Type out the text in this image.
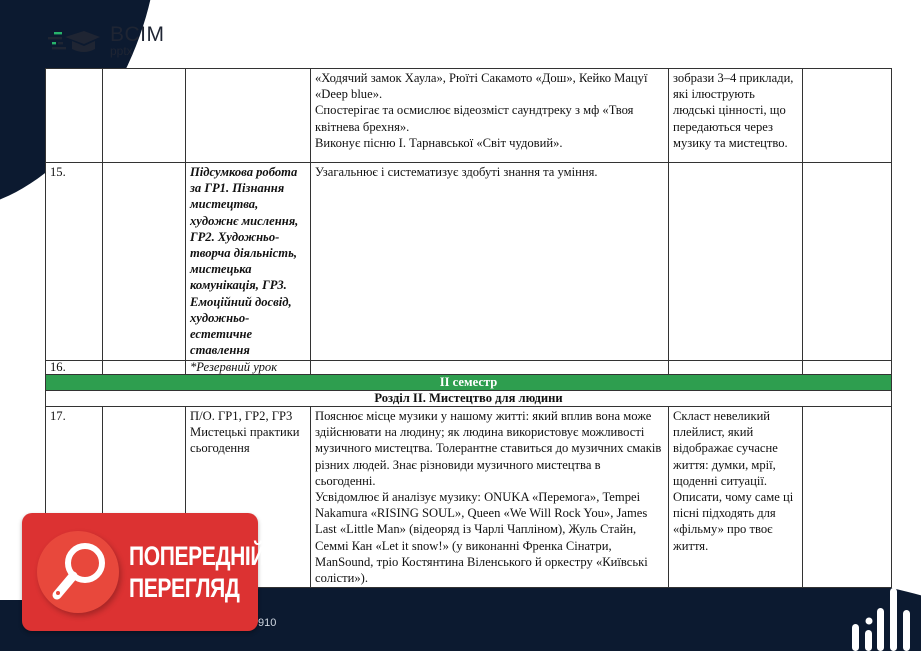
BCIM
pptx

			«Ходячий замок Хаула», Рюїті Сакамото «Дош», Кейко Мацуї «Deep blue».
Спостерігає та осмислює відеозміст саундтреку з мф «Твоя квітнева брехня».
Виконує пісню І. Тарнавської «Світ чудовий».	зобрази 3–4 приклади, які ілюструють людські цінності, що передаються через музику та мистецтво.	
15.		Підсумкова робота за ГР1. Пізнання мистецтва, художнє мислення, ГР2. Художньо-творча діяльність, мистецька комунікація, ГР3. Емоційний досвід, художньо-естетичне ставлення	Узагальнює і систематизує здобуті знання та уміння.		
16.		*Резервний урок			
II семестр					
Розділ ІІ. Мистецтво для людини					
17.		П/О. ГР1, ГР2, ГР3 Мистецькі практики сьогодення	Пояснює місце музики у нашому житті: який вплив вона може здійснювати на людину; як людина використовує можливості музичного мистецтва. Толерантне ставиться до музичних смаків різних людей. Знає різновиди музичного мистецтва в сьогоденні.
Усвідомлює й аналізує музику: ONUKA «Перемога», Tempei Nakamura «RISING SOUL», Queen «We Will Rock You», James Last «Little Man» (відеоряд із Чарлі Чапліном), Жуль Стайн, Семмі Кан «Let it snow!» (у виконанні Френка Сінатри, ManSound, тріо Костянтина Віленського й оркестру «Київські солісти»).	Скласт невеликий плейлист, який відображає сучасне життя: думки, мрії, щоденні ситуації. Описати, чому саме ці пісні підходять для «фільму» про твоє життя.	
ПОПЕРЕДНІЙ
ПЕРЕГЛЯД
910
